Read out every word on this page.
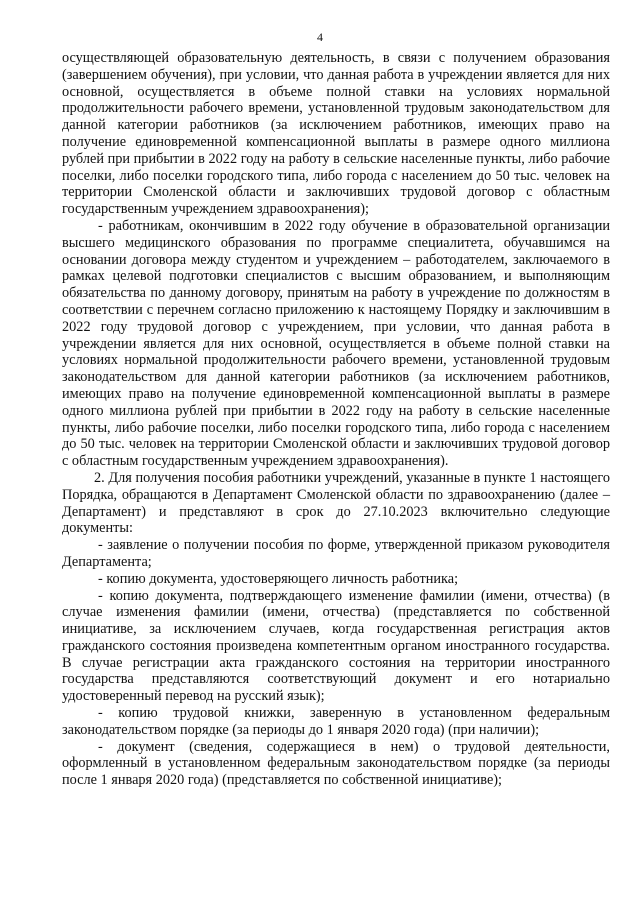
4

осуществляющей образовательную деятельность, в связи с получением образования (завершением обучения), при условии, что данная работа в учреждении является для них основной, осуществляется в объеме полной ставки на условиях нормальной продолжительности рабочего времени, установленной трудовым законодательством для данной категории работников (за исключением работников, имеющих право на получение единовременной компенсационной выплаты в размере одного миллиона рублей при прибытии в 2022 году на работу в сельские населенные пункты, либо рабочие поселки, либо поселки городского типа, либо города с населением до 50 тыс. человек на территории Смоленской области и заключивших трудовой договор с областным государственным учреждением здравоохранения);

- работникам, окончившим в 2022 году обучение в образовательной организации высшего медицинского образования по программе специалитета, обучавшимся на основании договора между студентом и учреждением – работодателем, заключаемого в рамках целевой подготовки специалистов с высшим образованием, и выполняющим обязательства по данному договору, принятым на работу в учреждение по должностям в соответствии с перечнем согласно приложению к настоящему Порядку и заключившим в 2022 году трудовой договор с учреждением, при условии, что данная работа в учреждении является для них основной, осуществляется в объеме полной ставки на условиях нормальной продолжительности рабочего времени, установленной трудовым законодательством для данной категории работников (за исключением работников, имеющих право на получение единовременной компенсационной выплаты в размере одного миллиона рублей при прибытии в 2022 году на работу в сельские населенные пункты, либо рабочие поселки, либо поселки городского типа, либо города с населением до 50 тыс. человек на территории Смоленской области и заключивших трудовой договор с областным государственным учреждением здравоохранения).

2. Для получения пособия работники учреждений, указанные в пункте 1 настоящего Порядка, обращаются в Департамент Смоленской области по здравоохранению (далее – Департамент) и представляют в срок до 27.10.2023 включительно следующие документы:

- заявление о получении пособия по форме, утвержденной приказом руководителя Департамента;

- копию документа, удостоверяющего личность работника;

- копию документа, подтверждающего изменение фамилии (имени, отчества) (в случае изменения фамилии (имени, отчества) (представляется по собственной инициативе, за исключением случаев, когда государственная регистрация актов гражданского состояния произведена компетентным органом иностранного государства. В случае регистрации акта гражданского состояния на территории иностранного государства представляются соответствующий документ и его нотариально удостоверенный перевод на русский язык);

- копию трудовой книжки, заверенную в установленном федеральным законодательством порядке (за периоды до 1 января 2020 года) (при наличии);

- документ (сведения, содержащиеся в нем) о трудовой деятельности, оформленный в установленном федеральным законодательством порядке (за периоды после 1 января 2020 года) (представляется по собственной инициативе);
